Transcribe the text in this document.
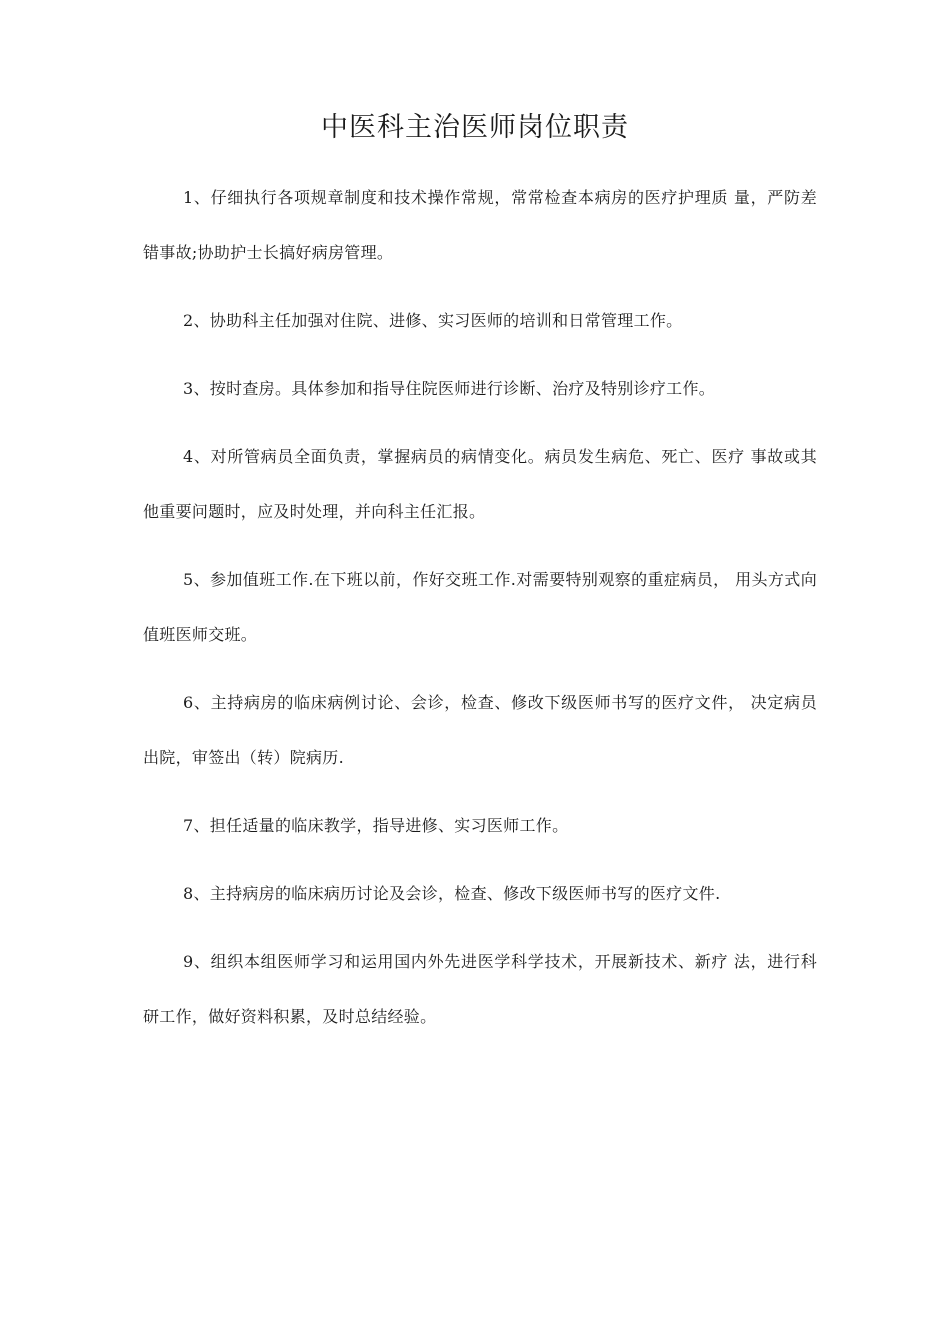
中医科主治医师岗位职责
1、仔细执行各项规章制度和技术操作常规，常常检查本病房的医疗护理质 量，严防差错事故;协助护士长搞好病房管理。
2、协助科主任加强对住院、进修、实习医师的培训和日常管理工作。
3、按时查房。具体参加和指导住院医师进行诊断、治疗及特别诊疗工作。
4、对所管病员全面负责，掌握病员的病情变化。病员发生病危、死亡、医疗 事故或其他重要问题时，应及时处理，并向科主任汇报。
5、参加值班工作.在下班以前，作好交班工作.对需要特别观察的重症病员， 用头方式向值班医师交班。
6、主持病房的临床病例讨论、会诊，检查、修改下级医师书写的医疗文件， 决定病员出院，审签出（转）院病历.
7、担任适量的临床教学，指导进修、实习医师工作。
8、主持病房的临床病历讨论及会诊，检查、修改下级医师书写的医疗文件.
9、组织本组医师学习和运用国内外先进医学科学技术，开展新技术、新疗 法，进行科研工作，做好资料积累，及时总结经验。
